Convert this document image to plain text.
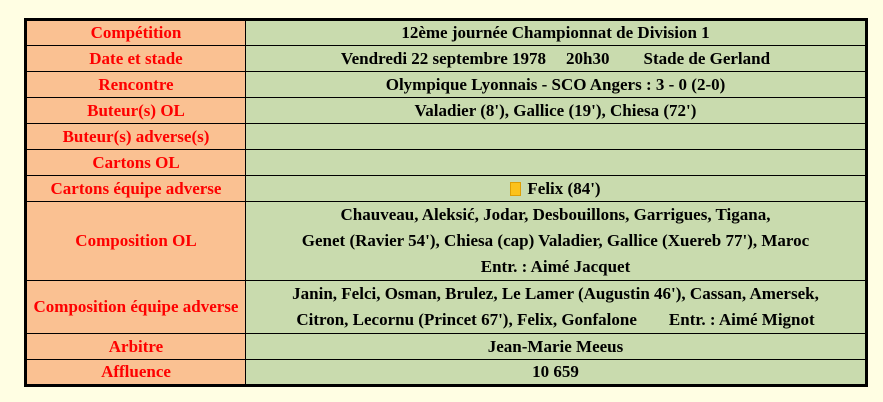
Compétition	12ème journée Championnat de Division 1
Date et stade	Vendredi 22 septembre 1978 20h30 Stade de Gerland

Rencontre	Olympique Lyonnais - SCO Angers : 3 - 0 (2-0)
Buteur(s) OL	Valadier (8'), Gallice (19'), Chiesa (72')
Buteur(s) adverse(s)	
Cartons OL	
Cartons équipe adverse	Felix (84')

Composition OL	Chauveau, Aleksić, Jodar, Desbouillons, Garrigues, Tigana,
Genet (Ravier 54'), Chiesa (cap) Valadier, Gallice (Xuereb 77'), Maroc
Entr. : Aimé Jacquet

Composition équipe adverse	Janin, Felci, Osman, Brulez, Le Lamer (Augustin 46'), Cassan, Amersek,
Citron, Lecornu (Princet 67'), Felix, Gonfalone Entr. : Aimé Mignot

Arbitre	Jean-Marie Meeus
Affluence	10 659
